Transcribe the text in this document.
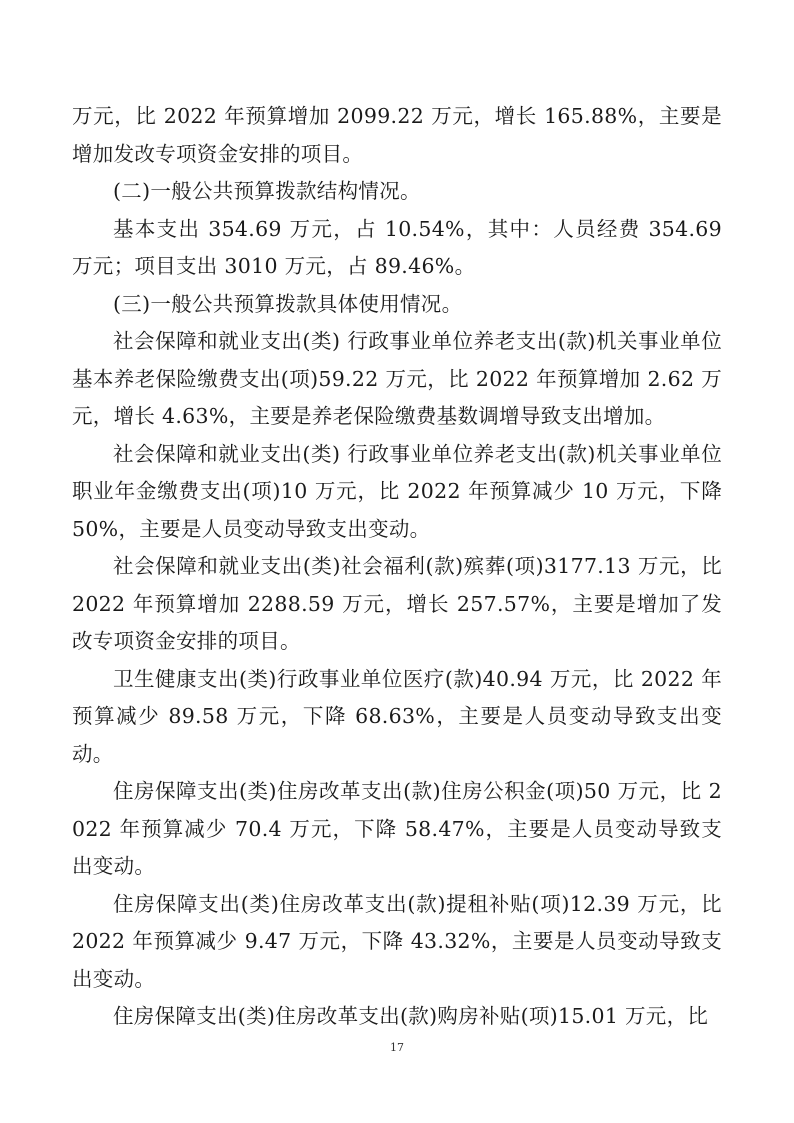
万元，比 2022 年预算增加 2099.22 万元，增长 165.88%，主要是增加发改专项资金安排的项目。

(二)一般公共预算拨款结构情况。

基本支出 354.69 万元，占 10.54%，其中：人员经费 354.69 万元；项目支出 3010 万元，占 89.46%。

(三)一般公共预算拨款具体使用情况。

社会保障和就业支出(类) 行政事业单位养老支出(款)机关事业单位基本养老保险缴费支出(项)59.22 万元，比 2022 年预算增加 2.62 万元，增长 4.63%，主要是养老保险缴费基数调增导致支出增加。

社会保障和就业支出(类) 行政事业单位养老支出(款)机关事业单位职业年金缴费支出(项)10 万元，比 2022 年预算减少 10 万元，下降 50%，主要是人员变动导致支出变动。

社会保障和就业支出(类)社会福利(款)殡葬(项)3177.13 万元，比 2022 年预算增加 2288.59 万元，增长 257.57%，主要是增加了发改专项资金安排的项目。

卫生健康支出(类)行政事业单位医疗(款)40.94 万元，比 2022 年预算减少 89.58 万元，下降 68.63%，主要是人员变动导致支出变动。

住房保障支出(类)住房改革支出(款)住房公积金(项)50 万元，比 2022 年预算减少 70.4 万元，下降 58.47%，主要是人员变动导致支出变动。

住房保障支出(类)住房改革支出(款)提租补贴(项)12.39 万元，比 2022 年预算减少 9.47 万元，下降 43.32%，主要是人员变动导致支出变动。

住房保障支出(类)住房改革支出(款)购房补贴(项)15.01 万元，比

17
